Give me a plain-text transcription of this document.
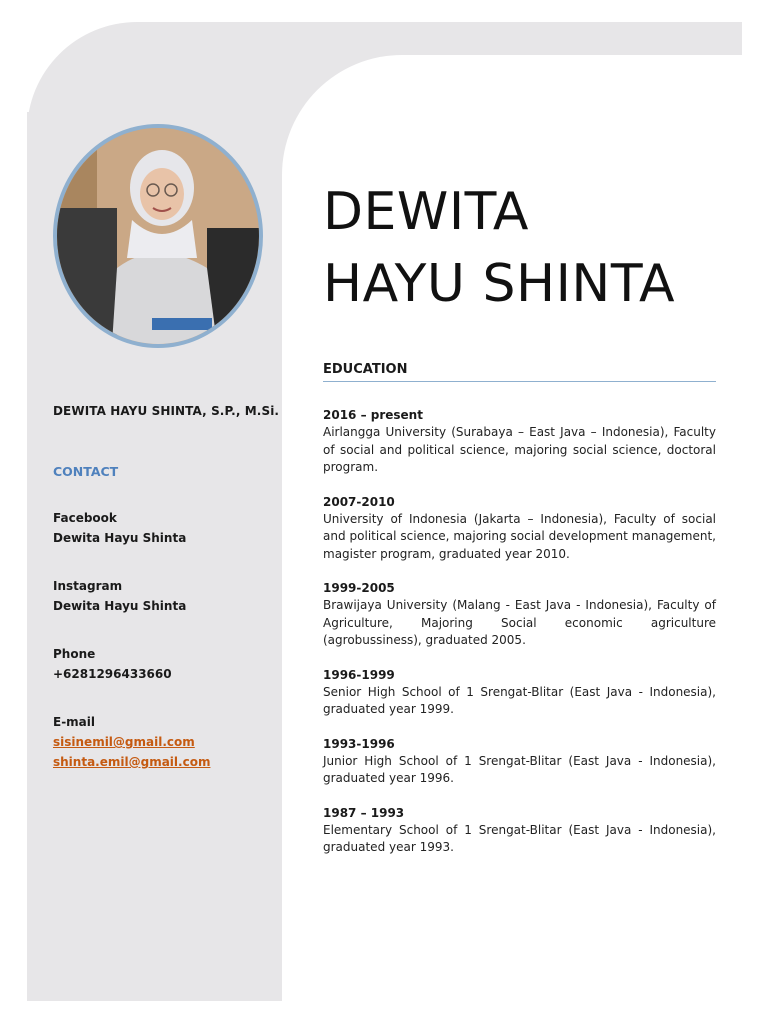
DEWITA HAYU SHINTA, S.P., M.Si.

CONTACT

Facebook

Dewita Hayu Shinta

Instagram

Dewita Hayu Shinta

Phone

+6281296433660

E-mail

sisinemil@gmail.com
shinta.emil@gmail.com
DEWITA
HAYU SHINTA

EDUCATION

2016 – present

Airlangga University (Surabaya – East Java – Indonesia), Faculty of social and political science, majoring social science, doctoral program.

2007-2010

University of Indonesia (Jakarta – Indonesia), Faculty of social and political science, majoring social development management, magister program, graduated year 2010.

1999-2005

Brawijaya University (Malang - East Java - Indonesia), Faculty of Agriculture, Majoring Social economic agriculture (agrobussiness), graduated 2005.

1996-1999

Senior High School of 1 Srengat-Blitar (East Java - Indonesia), graduated year 1999.

1993-1996

Junior High School of 1 Srengat-Blitar (East Java - Indonesia), graduated year 1996.

1987 – 1993

Elementary School of 1 Srengat-Blitar (East Java - Indonesia), graduated year 1993.
